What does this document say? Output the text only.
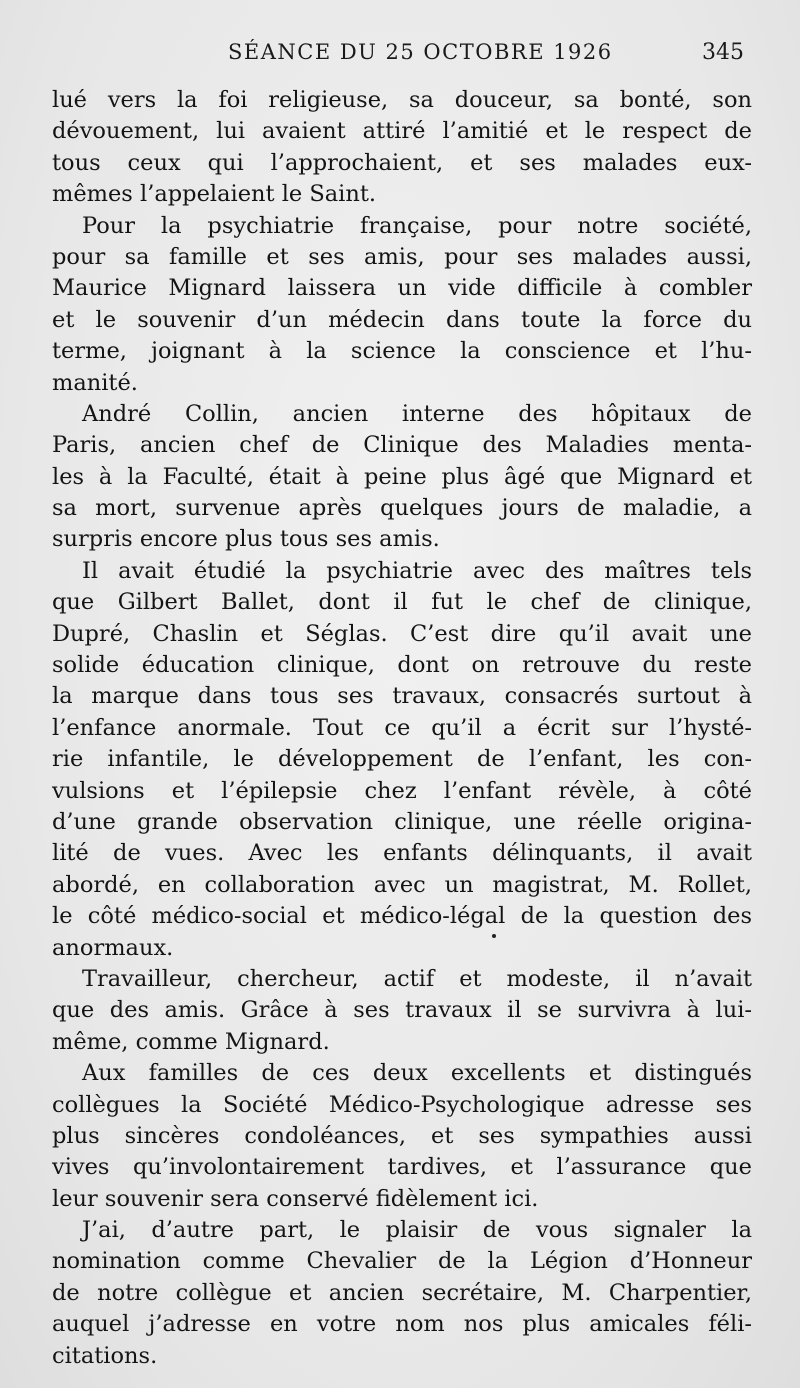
SÉANCE DU 25 OCTOBRE 1926	345

lué vers la foi religieuse, sa douceur, sa bonté, son
dévouement, lui avaient attiré l’amitié et le respect de
tous ceux qui l’approchaient, et ses malades eux-
mêmes l’appelaient le Saint.

Pour la psychiatrie française, pour notre société,
pour sa famille et ses amis, pour ses malades aussi,
Maurice Mignard laissera un vide difficile à combler
et le souvenir d’un médecin dans toute la force du
terme, joignant à la science la conscience et l’hu-
manité.

André Collin, ancien interne des hôpitaux de
Paris, ancien chef de Clinique des Maladies menta-
les à la Faculté, était à peine plus âgé que Mignard et
sa mort, survenue après quelques jours de maladie, a
surpris encore plus tous ses amis.

Il avait étudié la psychiatrie avec des maîtres tels
que Gilbert Ballet, dont il fut le chef de clinique,
Dupré, Chaslin et Séglas. C’est dire qu’il avait une
solide éducation clinique, dont on retrouve du reste
la marque dans tous ses travaux, consacrés surtout à
l’enfance anormale. Tout ce qu’il a écrit sur l’hysté-
rie infantile, le développement de l’enfant, les con-
vulsions et l’épilepsie chez l’enfant révèle, à côté
d’une grande observation clinique, une réelle origina-
lité de vues. Avec les enfants délinquants, il avait
abordé, en collaboration avec un magistrat, M. Rollet,
le côté médico-social et médico-légal de la question des
anormaux.

Travailleur, chercheur, actif et modeste, il n’avait
que des amis. Grâce à ses travaux il se survivra à lui-
même, comme Mignard.

Aux familles de ces deux excellents et distingués
collègues la Société Médico-Psychologique adresse ses
plus sincères condoléances, et ses sympathies aussi
vives qu’involontairement tardives, et l’assurance que
leur souvenir sera conservé fidèlement ici.

J’ai, d’autre part, le plaisir de vous signaler la
nomination comme Chevalier de la Légion d’Honneur
de notre collègue et ancien secrétaire, M. Charpentier,
auquel j’adresse en votre nom nos plus amicales féli-
citations.
